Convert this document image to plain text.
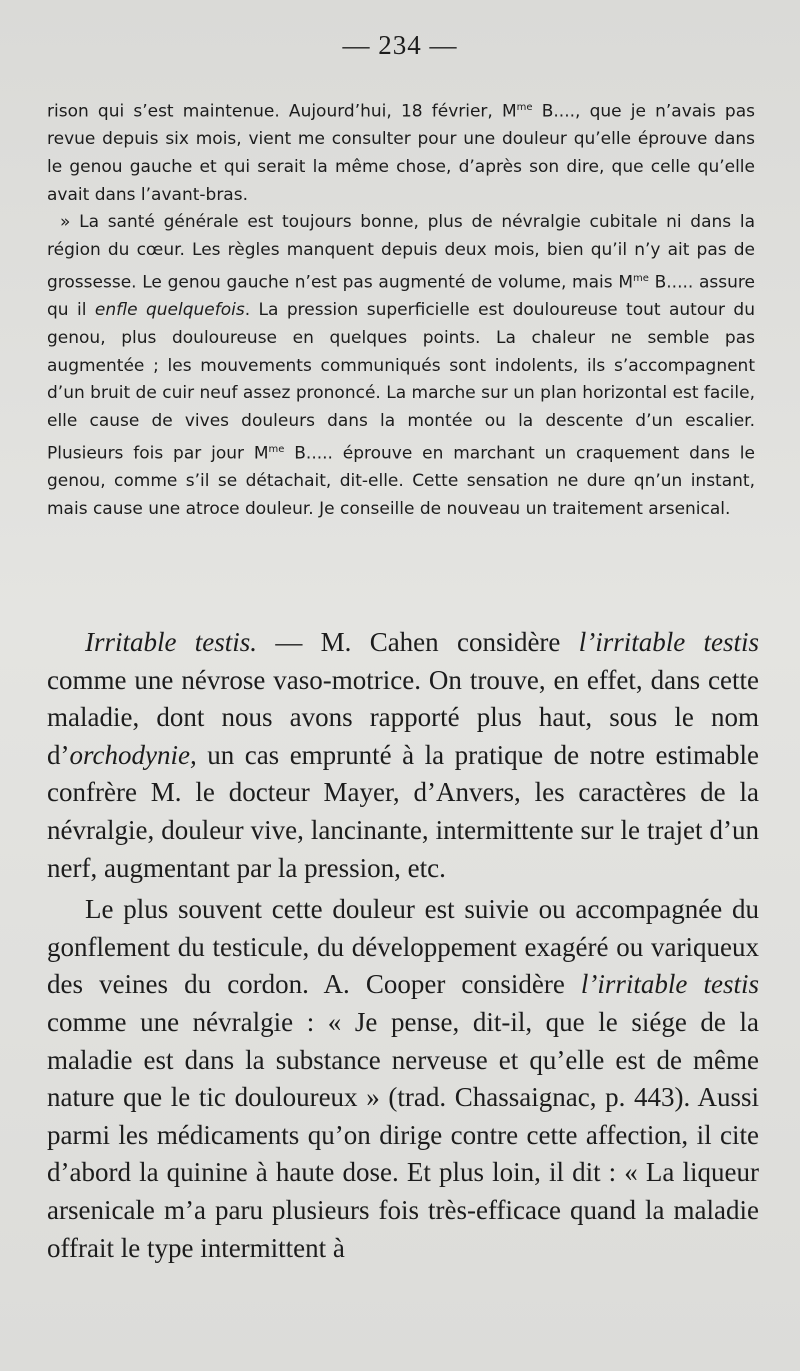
— 234 —

rison qui s’est maintenue. Aujourd’hui, 18 février, $M^{me}$ B...., que je n’avais pas revue depuis six mois, vient me consulter pour une douleur qu’elle éprouve dans le genou gauche et qui serait la même chose, d’après son dire, que celle qu’elle avait dans l’avant-bras.

» La santé générale est toujours bonne, plus de névralgie cubitale ni dans la région du cœur. Les règles manquent depuis deux mois, bien qu’il n’y ait pas de grossesse. Le genou gauche n’est pas augmenté de volume, mais $M^{me}$ B..... assure qu il enfle quelquefois. La pression superficielle est douloureuse tout autour du genou, plus douloureuse en quelques points. La chaleur ne semble pas augmentée ; les mouvements communiqués sont indolents, ils s’accompagnent d’un bruit de cuir neuf assez prononcé. La marche sur un plan horizontal est facile, elle cause de vives douleurs dans la montée ou la descente d’un escalier. Plusieurs fois par jour $M^{me}$ B..... éprouve en marchant un craquement dans le genou, comme s’il se détachait, dit-elle. Cette sensation ne dure qn’un instant, mais cause une atroce douleur. Je conseille de nouveau un traitement arsenical.

Irritable testis. — M. Cahen considère l’irritable testis comme une névrose vaso-motrice. On trouve, en effet, dans cette maladie, dont nous avons rapporté plus haut, sous le nom d’orchodynie, un cas emprunté à la pratique de notre estimable confrère M. le docteur Mayer, d’Anvers, les caractères de la névralgie, douleur vive, lancinante, intermittente sur le trajet d’un nerf, augmentant par la pression, etc.

Le plus souvent cette douleur est suivie ou accompagnée du gonflement du testicule, du développement exagéré ou variqueux des veines du cordon. A. Cooper considère l’irritable testis comme une névralgie : « Je pense, dit-il, que le siége de la maladie est dans la substance nerveuse et qu’elle est de même nature que le tic douloureux » (trad. Chassaignac, p. 443). Aussi parmi les médicaments qu’on dirige contre cette affection, il cite d’abord la quinine à haute dose. Et plus loin, il dit : « La liqueur arsenicale m’a paru plusieurs fois très-efficace quand la maladie offrait le type intermittent à
